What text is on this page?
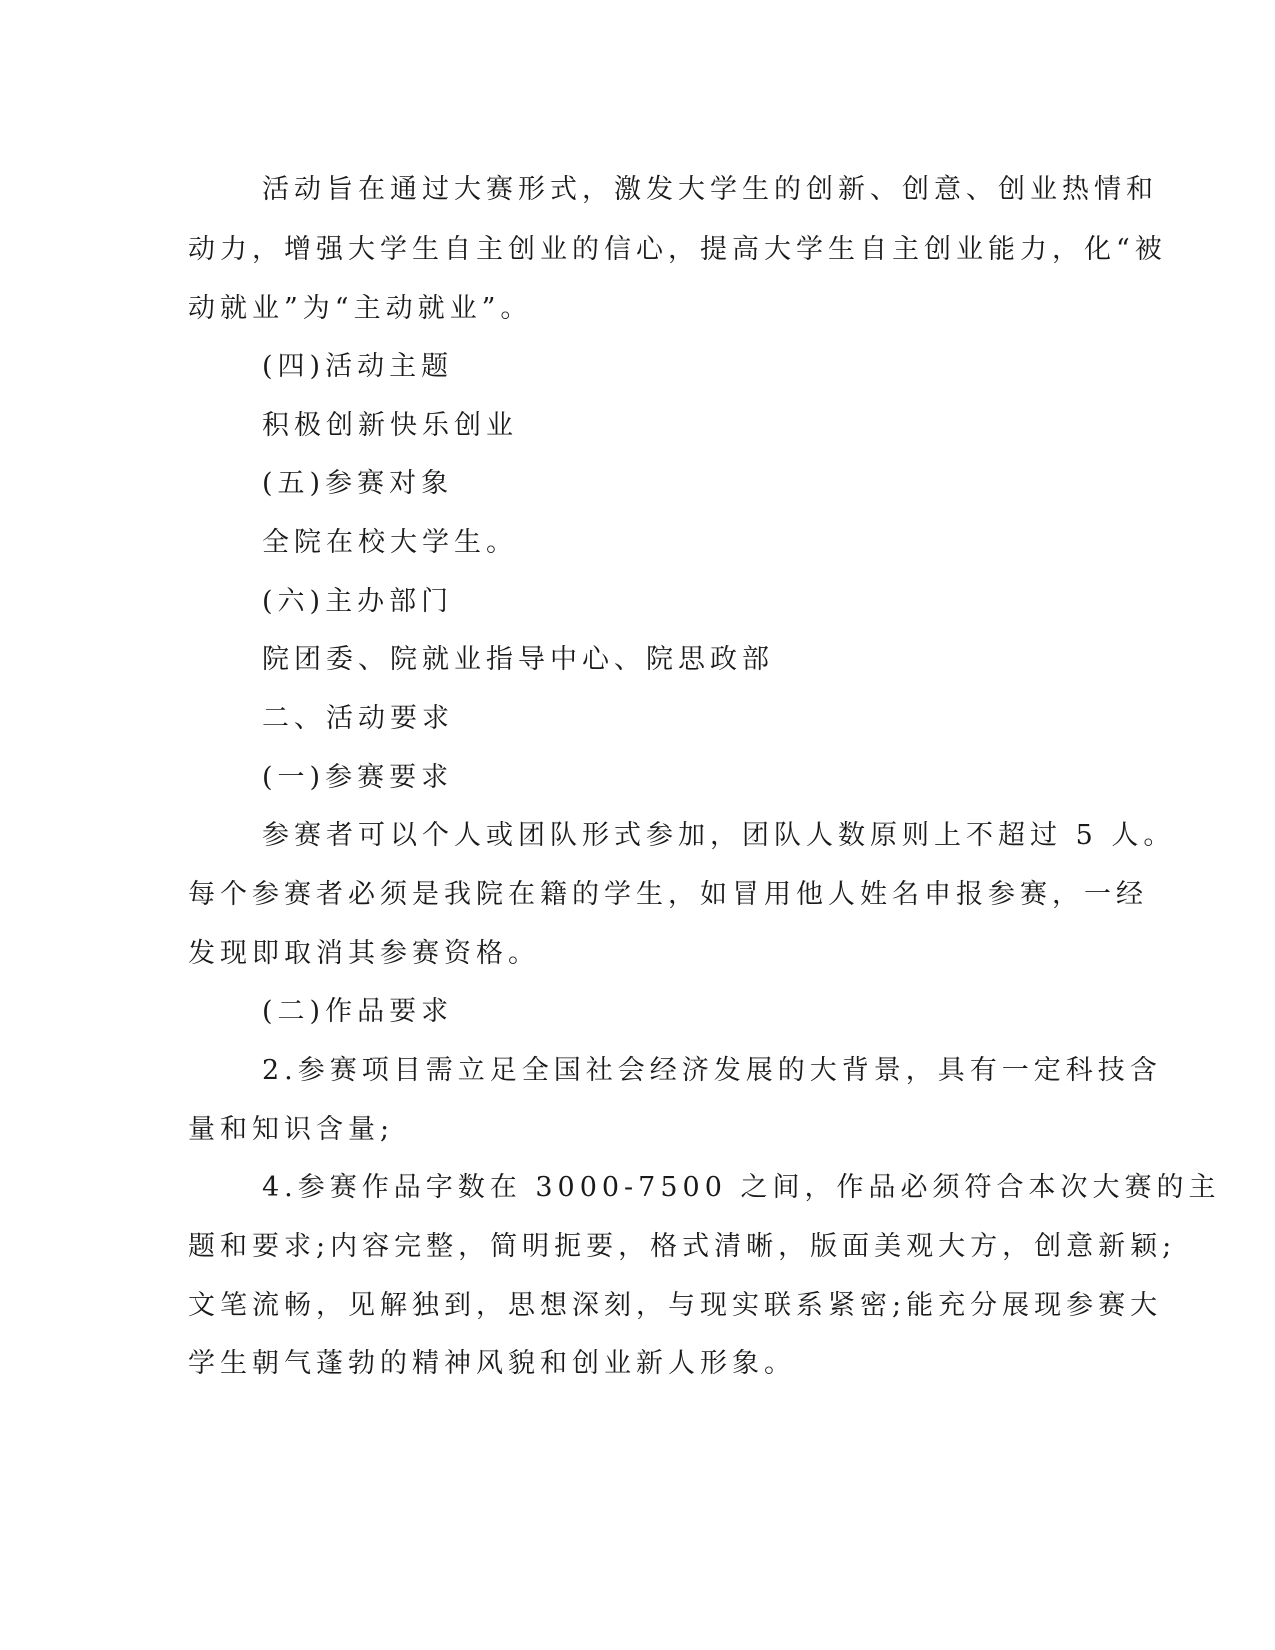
活动旨在通过大赛形式，激发大学生的创新、创意、创业热情和
动力，增强大学生自主创业的信心，提高大学生自主创业能力，化“被
动就业”为“主动就业”。
(四)活动主题
积极创新快乐创业
(五)参赛对象
全院在校大学生。
(六)主办部门
院团委、院就业指导中心、院思政部
二、活动要求
(一)参赛要求
参赛者可以个人或团队形式参加，团队人数原则上不超过 5 人。
每个参赛者必须是我院在籍的学生，如冒用他人姓名申报参赛，一经
发现即取消其参赛资格。
(二)作品要求
2.参赛项目需立足全国社会经济发展的大背景，具有一定科技含
量和知识含量;
4.参赛作品字数在 3000-7500 之间，作品必须符合本次大赛的主
题和要求;内容完整，简明扼要，格式清晰，版面美观大方，创意新颖;
文笔流畅，见解独到，思想深刻，与现实联系紧密;能充分展现参赛大
学生朝气蓬勃的精神风貌和创业新人形象。
